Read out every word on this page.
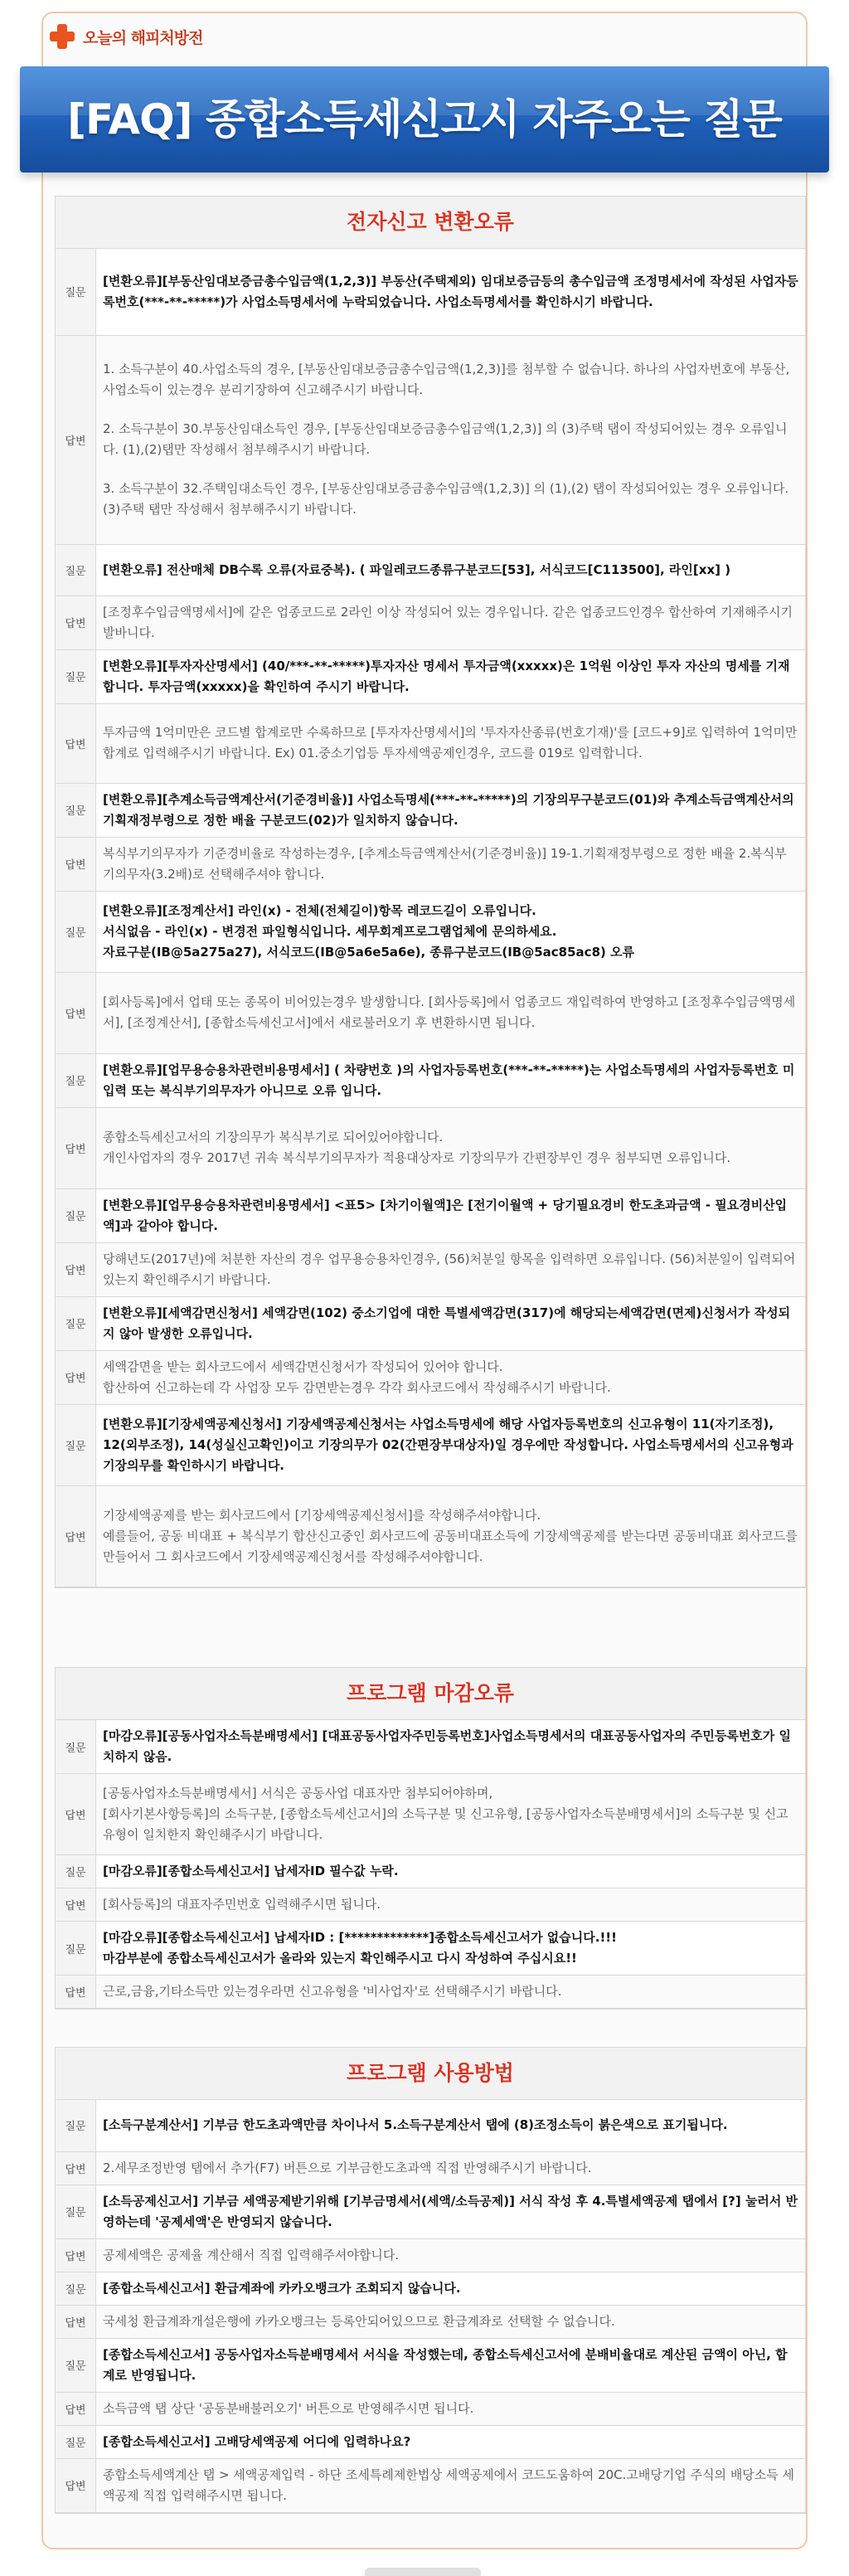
오늘의 해피처방전
[FAQ] 종합소득세신고시 자주오는 질문
전자신고 변환오류
질문	[변환오류][부동산임대보증금총수입금액(1,2,3)] 부동산(주택제외) 임대보증금등의 총수입금액 조정명세서에 작성된 사업자등록번호(***-**-*****)가 사업소득명세서에 누락되었습니다. 사업소득명세서를 확인하시기 바랍니다.
답변	1. 소득구분이 40.사업소득의 경우, [부동산임대보증금총수입금액(1,2,3)]를 첨부할 수 없습니다. 하나의 사업자번호에 부동산, 사업소득이 있는경우 분리기장하여 신고해주시기 바랍니다.

2. 소득구분이 30.부동산임대소득인 경우, [부동산임대보증금총수입금액(1,2,3)] 의 (3)주택 탭이 작성되어있는 경우 오류입니다. (1),(2)탭만 작성해서 첨부해주시기 바랍니다.

3. 소득구분이 32.주택임대소득인 경우, [부동산임대보증금총수입금액(1,2,3)] 의 (1),(2) 탭이 작성되어있는 경우 오류입니다. (3)주택 탭만 작성해서 첨부해주시기 바랍니다.

질문	[변환오류] 전산매체 DB수록 오류(자료중복). ( 파일레코드종류구분코드[53], 서식코드[C113500], 라인[xx] )
답변	[조정후수입금액명세서]에 같은 업종코드로 2라인 이상 작성되어 있는 경우입니다. 같은 업종코드인경우 합산하여 기재해주시기 발바니다.
질문	[변환오류][투자자산명세서] (40/***-**-*****)투자자산 명세서 투자금액(xxxxx)은 1억원 이상인 투자 자산의 명세를 기재합니다. 투자금액(xxxxx)을 확인하여 주시기 바랍니다.
답변	투자금액 1억미만은 코드별 합계로만 수록하므로 [투자자산명세서]의 '투자자산종류(번호기재)'를 [코드+9]로 입력하여 1억미만합계로 입력해주시기 바랍니다. Ex) 01.중소기업등 투자세액공제인경우, 코드를 019로 입력합니다.
질문	[변환오류][추계소득금액계산서(기준경비율)] 사업소득명세(***-**-*****)의 기장의무구분코드(01)와 추계소득금액계산서의 기획재정부령으로 정한 배율 구분코드(02)가 일치하지 않습니다.
답변	복식부기의무자가 기준경비율로 작성하는경우, [추계소득금액계산서(기준경비율)] 19-1.기획재정부령으로 정한 배율 2.복식부기의무자(3.2배)로 선택해주셔야 합니다.
질문	[변환오류][조정계산서] 라인(x) - 전체(전체길이)항목 레코드길이 오류입니다.
서식없음 - 라인(x) - 변경전 파일형식입니다. 세무회계프로그램업체에 문의하세요.
자료구분(IB@5a275a27), 서식코드(IB@5a6e5a6e), 종류구분코드(IB@5ac85ac8) 오류

답변	[회사등록]에서 업태 또는 종목이 비어있는경우 발생합니다. [회사등록]에서 업종코드 재입력하여 반영하고 [조정후수입금액명세서], [조정계산서], [종합소득세신고서]에서 새로불러오기 후 변환하시면 됩니다.
질문	[변환오류][업무용승용차관련비용명세서] ( 차량번호 )의 사업자등록번호(***-**-*****)는 사업소득명세의 사업자등록번호 미입력 또는 복식부기의무자가 아니므로 오류 입니다.
답변	종합소득세신고서의 기장의무가 복식부기로 되어있어야합니다.
개인사업자의 경우 2017년 귀속 복식부기의무자가 적용대상자로 기장의무가 간편장부인 경우 첨부되면 오류입니다.

질문	[변환오류][업무용승용차관련비용명세서] <표5> [차기이월액]은 [전기이월액 + 당기필요경비 한도초과금액 - 필요경비산입액]과 같아야 합니다.
답변	당해년도(2017년)에 처분한 자산의 경우 업무용승용차인경우, (56)처분일 항목을 입력하면 오류입니다. (56)처분일이 입력되어있는지 확인해주시기 바랍니다.
질문	[변환오류][세액감면신청서] 세액감면(102) 중소기업에 대한 특별세액감면(317)에 해당되는세액감면(면제)신청서가 작성되지 않아 발생한 오류입니다.
답변	세액감면을 받는 회사코드에서 세액감면신청서가 작성되어 있어야 합니다.
합산하여 신고하는데 각 사업장 모두 감면받는경우 각각 회사코드에서 작성해주시기 바랍니다.

질문	[변환오류][기장세액공제신청서] 기장세액공제신청서는 사업소득명세에 해당 사업자등록번호의 신고유형이 11(자기조정), 12(외부조정), 14(성실신고확인)이고 기장의무가 02(간편장부대상자)일 경우에만 작성합니다. 사업소득명세서의 신고유형과 기장의무를 확인하시기 바랍니다.
답변	기장세액공제를 받는 회사코드에서 [기장세액공제신청서]를 작성해주셔야합니다.
예를들어, 공동 비대표 + 복식부기 합산신고중인 회사코드에 공동비대표소득에 기장세액공제를 받는다면 공동비대표 회사코드를 만들어서 그 회사코드에서 기장세액공제신청서를 작성해주셔야합니다.
프로그램 마감오류
질문	[마감오류][공동사업자소득분배명세서] [대표공동사업자주민등록번호]사업소득명세서의 대표공동사업자의 주민등록번호가 일치하지 않음.
답변	[공동사업자소득분배명세서] 서식은 공동사업 대표자만 첨부되어야하며,
[회사기본사항등록]의 소득구분, [종합소득세신고서]의 소득구분 및 신고유형, [공동사업자소득분배명세서]의 소득구분 및 신고유형이 일치한지 확인해주시기 바랍니다.

질문	[마감오류][종합소득세신고서] 납세자ID 필수값 누락.
답변	[회사등록]의 대표자주민번호 입력해주시면 됩니다.
질문	[마감오류][종합소득세신고서] 납세자ID : [*************]종합소득세신고서가 없습니다.!!!
마감부분에 종합소득세신고서가 올라와 있는지 확인해주시고 다시 작성하여 주십시요!!

답변	근로,금융,기타소득만 있는경우라면 신고유형을 '비사업자'로 선택해주시기 바랍니다.
프로그램 사용방법
질문	[소득구분계산서] 기부금 한도초과액만큼 차이나서 5.소득구분계산서 탭에 (8)조정소득이 붉은색으로 표기됩니다.
답변	2.세무조정반영 탭에서 추가(F7) 버튼으로 기부금한도초과액 직접 반영해주시기 바랍니다.
질문	[소득공제신고서] 기부금 세액공제받기위해 [기부금명세서(세액/소득공제)] 서식 작성 후 4.특별세액공제 탭에서 [?] 눌러서 반영하는데 '공제세액'은 반영되지 않습니다.
답변	공제세액은 공제율 계산해서 직접 입력해주셔야합니다.
질문	[종합소득세신고서] 환급계좌에 카카오뱅크가 조회되지 않습니다.
답변	국세청 환급계좌개설은행에 카카오뱅크는 등록안되어있으므로 환급계좌로 선택할 수 없습니다.
질문	[종합소득세신고서] 공동사업자소득분배명세서 서식을 작성했는데, 종합소득세신고서에 분배비율대로 계산된 금액이 아닌, 합계로 반영됩니다.
답변	소득금액 탭 상단 '공동분배불러오기' 버튼으로 반영해주시면 됩니다.
질문	[종합소득세신고서] 고배당세액공제 어디에 입력하나요?
답변	종합소득세액계산 탭 > 세액공제입력 - 하단 조세특례제한법상 세액공제에서 코드도움하여 20C.고배당기업 주식의 배당소득 세액공제 직접 입력해주시면 됩니다.
